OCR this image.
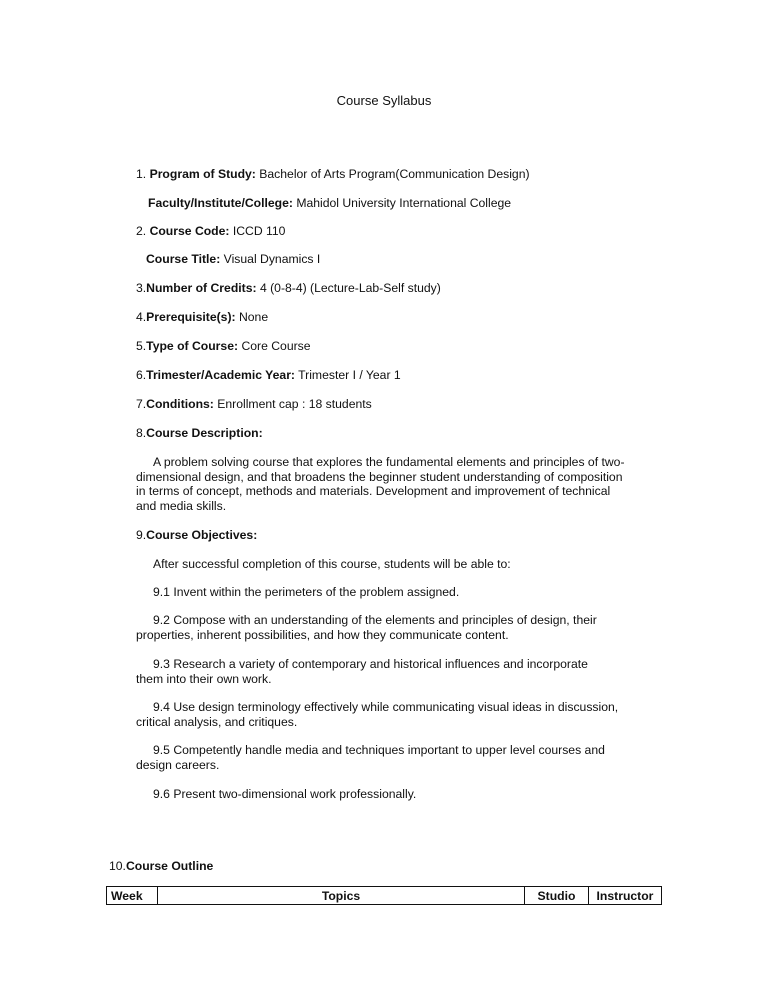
Course Syllabus
1. Program of Study: Bachelor of Arts Program(Communication Design)
Faculty/Institute/College: Mahidol University International College
2. Course Code: ICCD 110
Course Title: Visual Dynamics I
3.Number of Credits: 4 (0-8-4) (Lecture-Lab-Self study)
4.Prerequisite(s): None
5.Type of Course: Core Course
6.Trimester/Academic Year: Trimester I / Year 1
7.Conditions: Enrollment cap : 18 students
8.Course Description:
A problem solving course that explores the fundamental elements and principles of two-
dimensional design, and that broadens the beginner student understanding of composition
in terms of concept, methods and materials. Development and improvement of technical
and media skills.
9.Course Objectives:
After successful completion of this course, students will be able to:
9.1 Invent within the perimeters of the problem assigned.
9.2 Compose with an understanding of the elements and principles of design, their
properties, inherent possibilities, and how they communicate content.
9.3 Research a variety of contemporary and historical influences and incorporate
them into their own work.
9.4 Use design terminology effectively while communicating visual ideas in discussion,
critical analysis, and critiques.
9.5 Competently handle media and techniques important to upper level courses and
design careers.
9.6 Present two-dimensional work professionally.
10.Course Outline
Week	Topics	Studio	Instructor
